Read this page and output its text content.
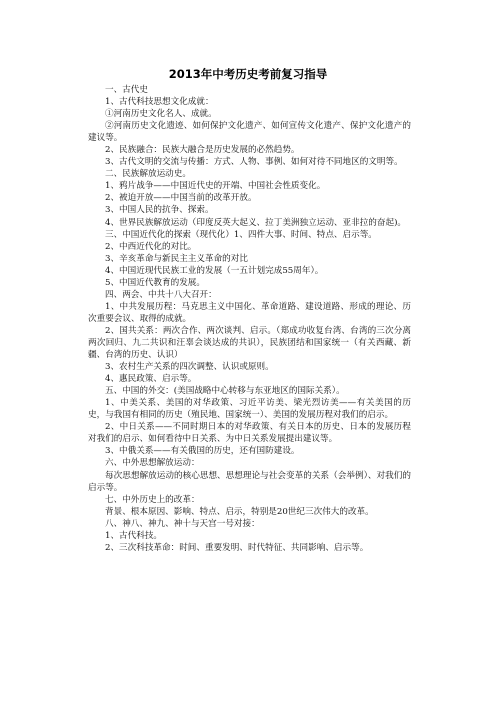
2013年中考历史考前复习指导

一、古代史

1、古代科技思想文化成就：

①河南历史文化名人、成就。

②河南历史文化遗迹、如何保护文化遗产、如何宣传文化遗产、保护文化遗产的建议等。

2、民族融合：民族大融合是历史发展的必然趋势。

3、古代文明的交流与传播：方式、人物、事例、如何对待不同地区的文明等。

二、民族解放运动史。

1、鸦片战争——中国近代史的开端、中国社会性质变化。

2、被迫开放——中国当前的改革开放。

3、中国人民的抗争、探索。

4、世界民族解放运动（印度反英大起义、拉丁美洲独立运动、亚非拉的奋起)。

三、中国近代化的探索（现代化）1、四件大事、时间、特点、启示等。

2、中西近代化的对比。

3、辛亥革命与新民主主义革命的对比

4、中国近现代民族工业的发展（一五计划完成55周年）。

5、中国近代教育的发展。

四、两会、中共十八大召开：

1、中共发展历程：马克思主义中国化、革命道路、建设道路、形成的理论、历次重要会议、取得的成就。

2、国共关系：两次合作、两次谈判、启示。（郑成功收复台湾、台湾的三次分离两次回归、九二共识和汪辜会谈达成的共识），民族团结和国家统一（有关西藏、新疆、台湾的历史、认识）

3、农村生产关系的四次调整、认识或原则。

4、惠民政策、启示等。

五、中国的外交：(美国战略中心转移与东亚地区的国际关系）。

1、中美关系、美国的对华政策、习近平访美、梁光烈访美——有关美国的历史，与我国有相同的历史（殖民地、国家统一）、美国的发展历程对我们的启示。

2、中日关系——不同时期日本的对华政策、有关日本的历史、日本的发展历程对我们的启示、如何看待中日关系、为中日关系发展提出建议等。

3、中俄关系——有关俄国的历史，还有国防建设。

六、中外思想解放运动：

每次思想解放运动的核心思想、思想理论与社会变革的关系（会举例）、对我们的启示等。

七、中外历史上的改革：

背景、根本原因、影响、特点、启示，特别是20世纪三次伟大的改革。

八、神八、神九、神十与天宫一号对接：

1、古代科技。

2、三次科技革命：时间、重要发明、时代特征、共同影响、启示等。
